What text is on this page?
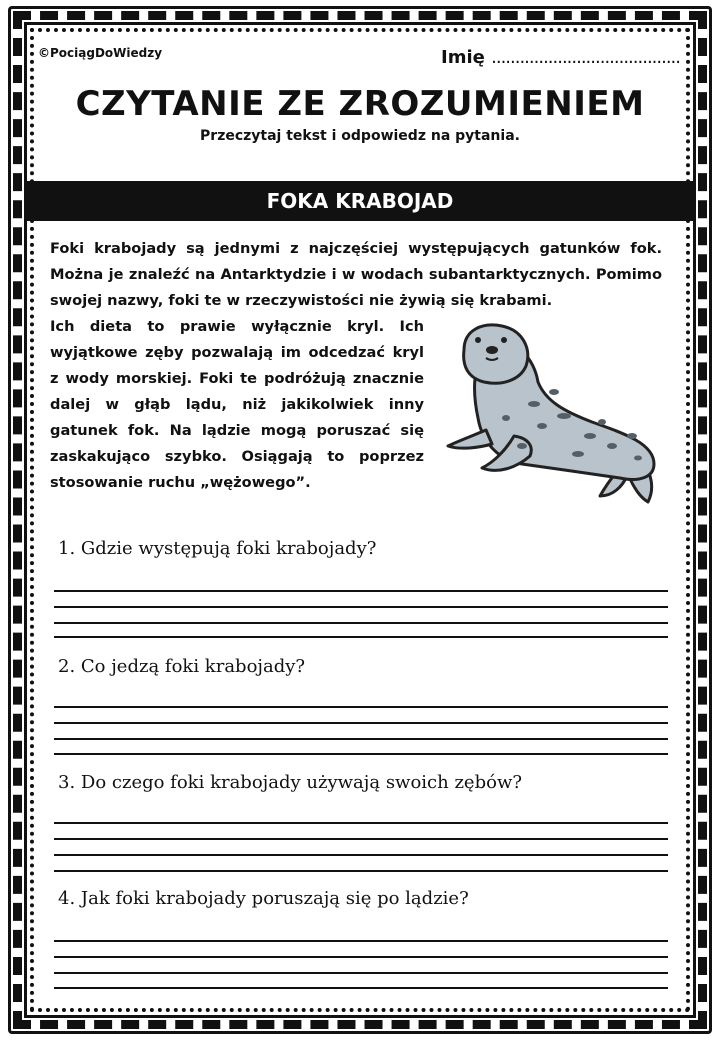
©PociągDoWiedzy	Imię ........................................
CZYTANIE ZE ZROZUMIENIEM
Przeczytaj tekst i odpowiedz na pytania.
FOKA KRABOJAD
Foki krabojady są jednymi z najczęściej występujących gatunków fok. Można je znaleźć na Antarktydzie i w wodach subantarktycznych. Pomimo swojej nazwy, foki te w rzeczywistości nie żywią się krabami.
Ich dieta to prawie wyłącznie kryl. Ich wyjątkowe zęby pozwalają im odcedzać kryl z wody morskiej. Foki te podróżują znacznie dalej w głąb lądu, niż jakikolwiek inny gatunek fok. Na lądzie mogą poruszać się zaskakująco szybko. Osiągają to poprzez stosowanie ruchu „wężowego”.
1. Gdzie występują foki krabojady?
2. Co jedzą foki krabojady?
3. Do czego foki krabojady używają swoich zębów?
4. Jak foki krabojady poruszają się po lądzie?
